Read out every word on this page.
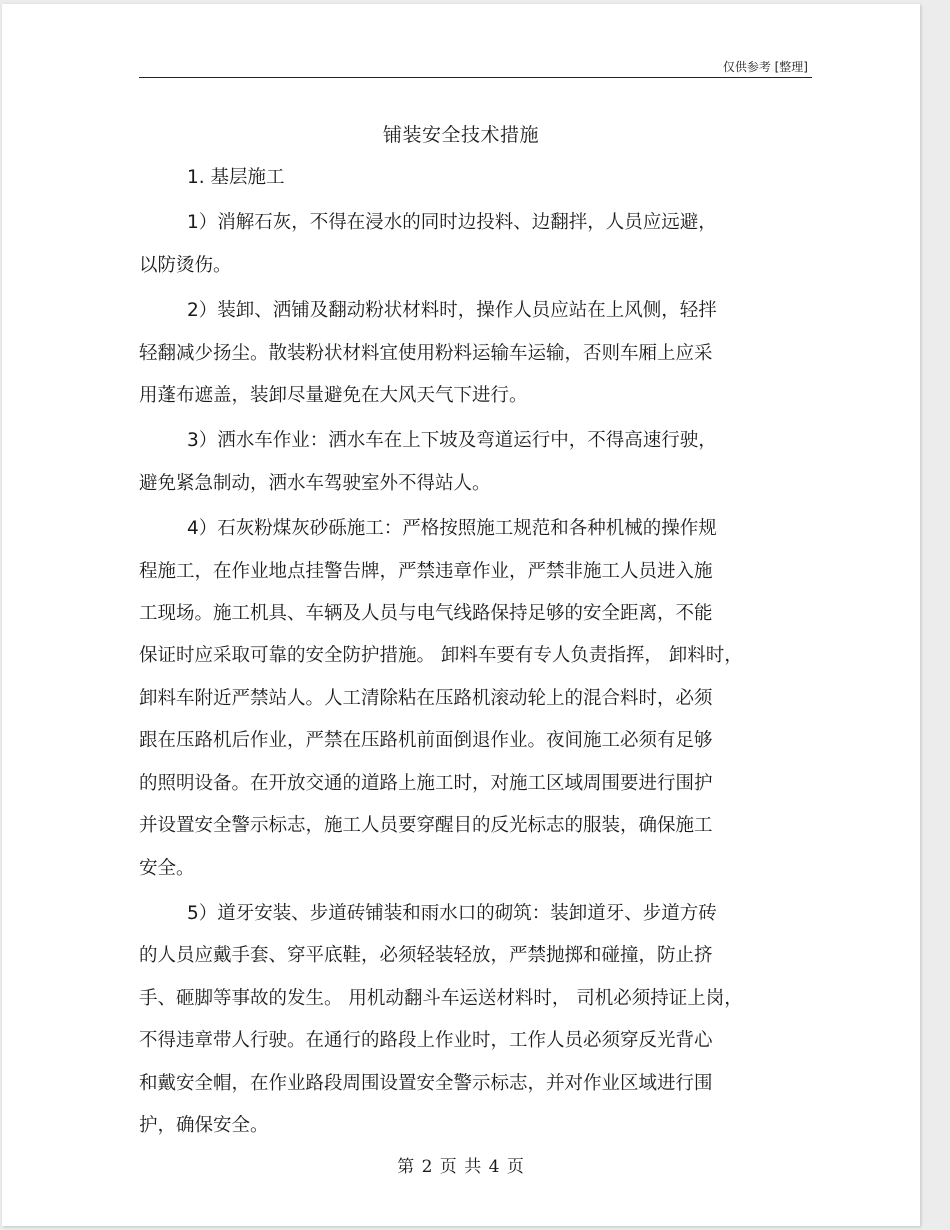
仅供参考 [整理]
铺装安全技术措施

1. 基层施工

1）消解石灰，不得在浸水的同时边投料、边翻拌，人员应远避，

以防烫伤。

2）装卸、洒铺及翻动粉状材料时，操作人员应站在上风侧，轻拌

轻翻减少扬尘。散装粉状材料宜使用粉料运输车运输，否则车厢上应采

用蓬布遮盖，装卸尽量避免在大风天气下进行。

3）洒水车作业：洒水车在上下坡及弯道运行中，不得高速行驶，

避免紧急制动，洒水车驾驶室外不得站人。

4）石灰粉煤灰砂砾施工：严格按照施工规范和各种机械的操作规

程施工，在作业地点挂警告牌，严禁违章作业，严禁非施工人员进入施

工现场。施工机具、车辆及人员与电气线路保持足够的安全距离，不能

保证时应采取可靠的安全防护措施。 卸料车要有专人负责指挥， 卸料时，

卸料车附近严禁站人。人工清除粘在压路机滚动轮上的混合料时，必须

跟在压路机后作业，严禁在压路机前面倒退作业。夜间施工必须有足够

的照明设备。在开放交通的道路上施工时，对施工区域周围要进行围护

并设置安全警示标志，施工人员要穿醒目的反光标志的服装，确保施工

安全。

5）道牙安装、步道砖铺装和雨水口的砌筑：装卸道牙、步道方砖

的人员应戴手套、穿平底鞋，必须轻装轻放，严禁抛掷和碰撞，防止挤

手、砸脚等事故的发生。 用机动翻斗车运送材料时， 司机必须持证上岗，

不得违章带人行驶。在通行的路段上作业时，工作人员必须穿反光背心

和戴安全帽，在作业路段周围设置安全警示标志，并对作业区域进行围

护，确保安全。

第 2 页 共 4 页
